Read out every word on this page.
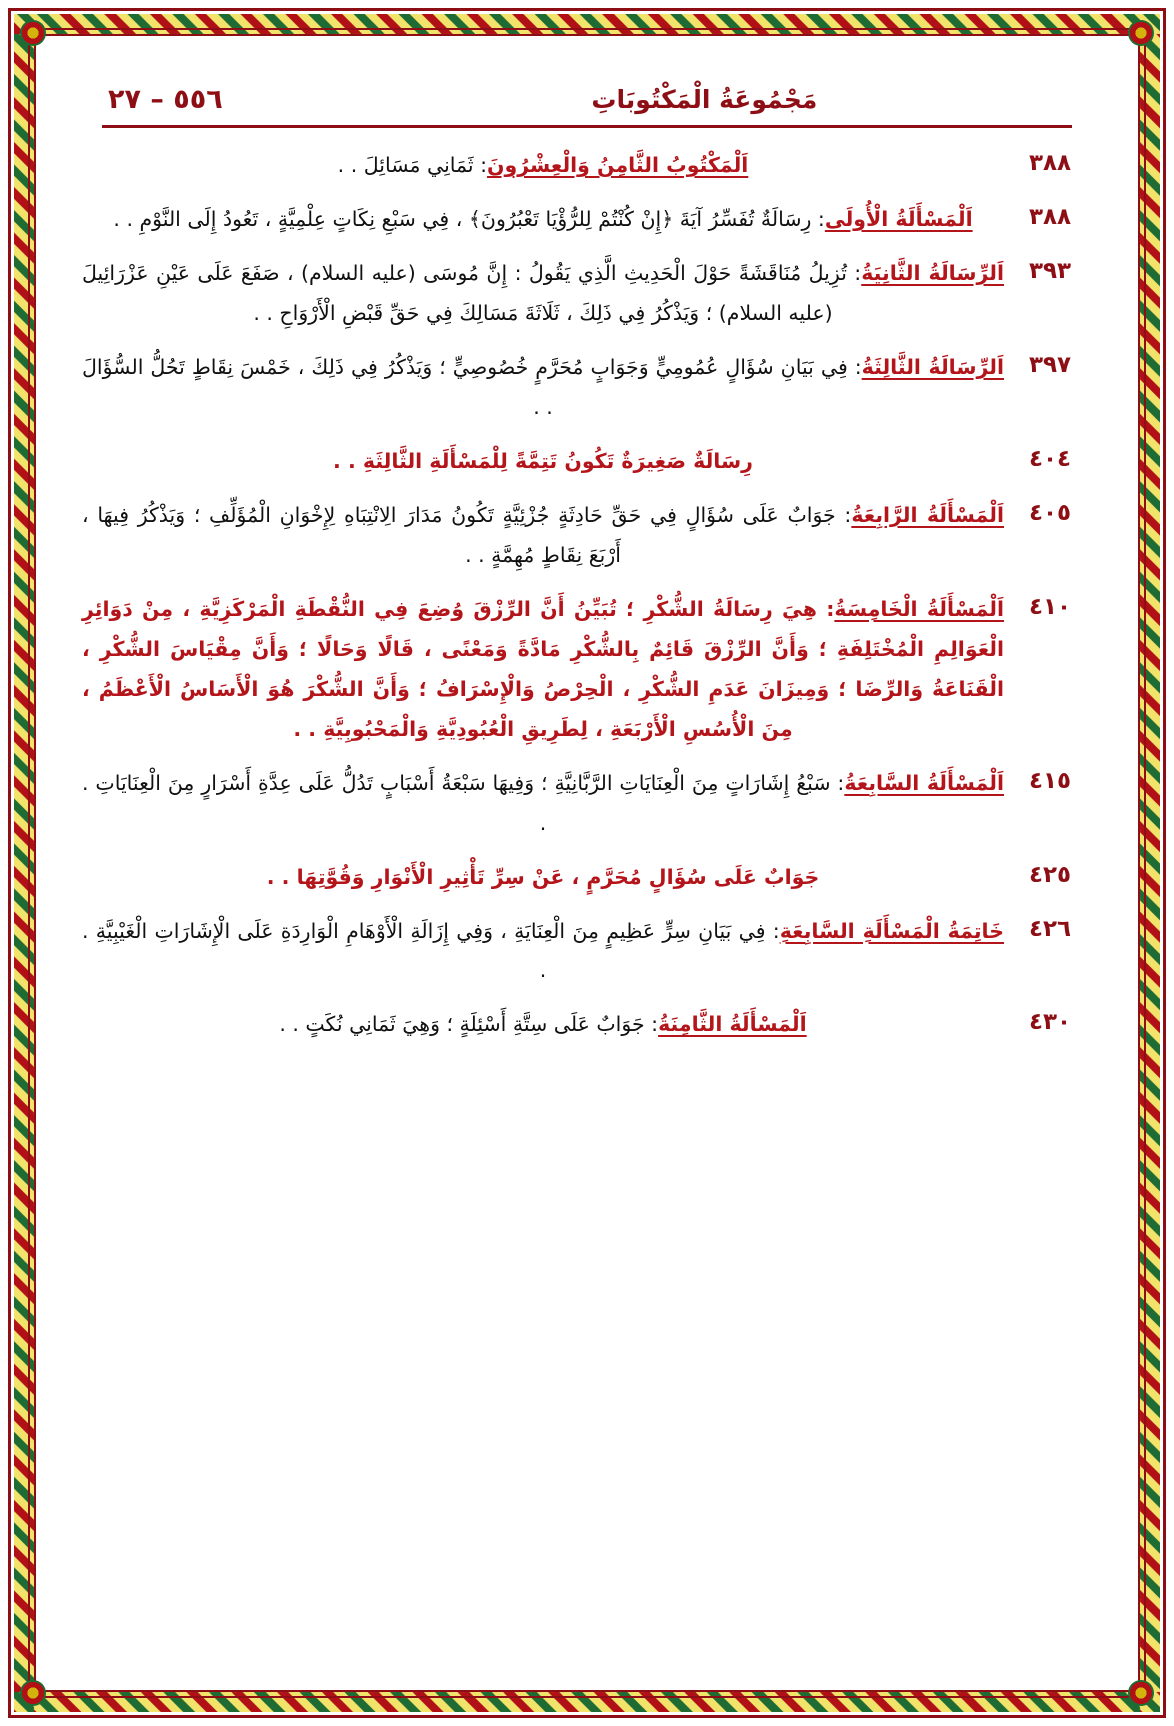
مَجْمُوعَةُ الْمَكْتُوبَاتِ
٥٥٦ – ٢٧
٣٨٨
اَلْمَكْتُوبُ الثَّامِنُ وَالْعِشْرُونَ: ثَمَانِي مَسَائِلَ . .
٣٨٨
اَلْمَسْأَلَةُ الْأُولَى: رِسَالَةٌ تُفَسِّرُ آيَةَ ﴿إِنْ كُنْتُمْ لِلرُّؤْيَا تَعْبُرُونَ﴾ ، فِي سَبْعِ نِكَاتٍ عِلْمِيَّةٍ ، تَعُودُ إِلَى النَّوْمِ . .
٣٩٣
اَلرِّسَالَةُ الثَّانِيَةُ: تُزِيلُ مُنَاقَشَةً حَوْلَ الْحَدِيثِ الَّذِي يَقُولُ : إِنَّ مُوسَى (عليه السلام) ، صَفَعَ عَلَى عَيْنِ عَزْرَائِيلَ (عليه السلام) ؛ وَيَذْكُرُ فِي ذَلِكَ ، ثَلَاثَةَ مَسَالِكَ فِي حَقِّ قَبْضِ الْأَرْوَاحِ . .
٣٩٧
اَلرِّسَالَةُ الثَّالِثَةُ: فِي بَيَانِ سُؤَالٍ عُمُومِيٍّ وَجَوَابٍ مُحَرَّمٍ خُصُوصِيٍّ ؛ وَيَذْكُرُ فِي ذَلِكَ ، خَمْسَ نِقَاطٍ تَحُلُّ السُّؤَالَ . .
٤٠٤
رِسَالَةٌ صَغِيرَةٌ تَكُونُ تَتِمَّةً لِلْمَسْأَلَةِ الثَّالِثَةِ . .
٤٠٥
اَلْمَسْأَلَةُ الرَّابِعَةُ: جَوَابٌ عَلَى سُؤَالٍ فِي حَقِّ حَادِثَةٍ جُزْئِيَّةٍ تَكُونُ مَدَارَ الِانْتِبَاهِ لِإِخْوَانِ الْمُؤَلِّفِ ؛ وَيَذْكُرُ فِيهَا ، أَرْبَعَ نِقَاطٍ مُهِمَّةٍ . .
٤١٠
اَلْمَسْأَلَةُ الْخَامِسَةُ: هِيَ رِسَالَةُ الشُّكْرِ ؛ تُبَيِّنُ أَنَّ الرِّزْقَ وُضِعَ فِي النُّقْطَةِ الْمَرْكَزِيَّةِ ، مِنْ دَوَائِرِ الْعَوَالِمِ الْمُخْتَلِفَةِ ؛ وَأَنَّ الرِّزْقَ قَائِمٌ بِالشُّكْرِ مَادَّةً وَمَعْنًى ، قَالًا وَحَالًا ؛ وَأَنَّ مِقْيَاسَ الشُّكْرِ ، الْقَنَاعَةُ وَالرِّضَا ؛ وَمِيزَانَ عَدَمِ الشُّكْرِ ، الْحِرْصُ وَالْإِسْرَافُ ؛ وَأَنَّ الشُّكْرَ هُوَ الْأَسَاسُ الْأَعْظَمُ ، مِنَ الْأُسُسِ الْأَرْبَعَةِ ، لِطَرِيقِ الْعُبُودِيَّةِ وَالْمَحْبُوبِيَّةِ . .
٤١٥
اَلْمَسْأَلَةُ السَّابِعَةُ: سَبْعُ إِشَارَاتٍ مِنَ الْعِنَايَاتِ الرَّبَّانِيَّةِ ؛ وَفِيهَا سَبْعَةُ أَسْبَابٍ تَدُلُّ عَلَى عِدَّةِ أَسْرَارٍ مِنَ الْعِنَايَاتِ . .
٤٢٥
جَوَابٌ عَلَى سُؤَالٍ مُحَرَّمٍ ، عَنْ سِرِّ تَأْثِيرِ الْأَنْوَارِ وَقُوَّتِهَا . .
٤٢٦
خَاتِمَةُ الْمَسْأَلَةِ السَّابِعَةِ: فِي بَيَانِ سِرٍّ عَظِيمٍ مِنَ الْعِنَايَةِ ، وَفِي إِزَالَةِ الْأَوْهَامِ الْوَارِدَةِ عَلَى الْإِشَارَاتِ الْغَيْبِيَّةِ . .
٤٣٠
اَلْمَسْأَلَةُ الثَّامِنَةُ: جَوَابٌ عَلَى سِتَّةِ أَسْئِلَةٍ ؛ وَهِيَ ثَمَانِي نُكَتٍ . .
